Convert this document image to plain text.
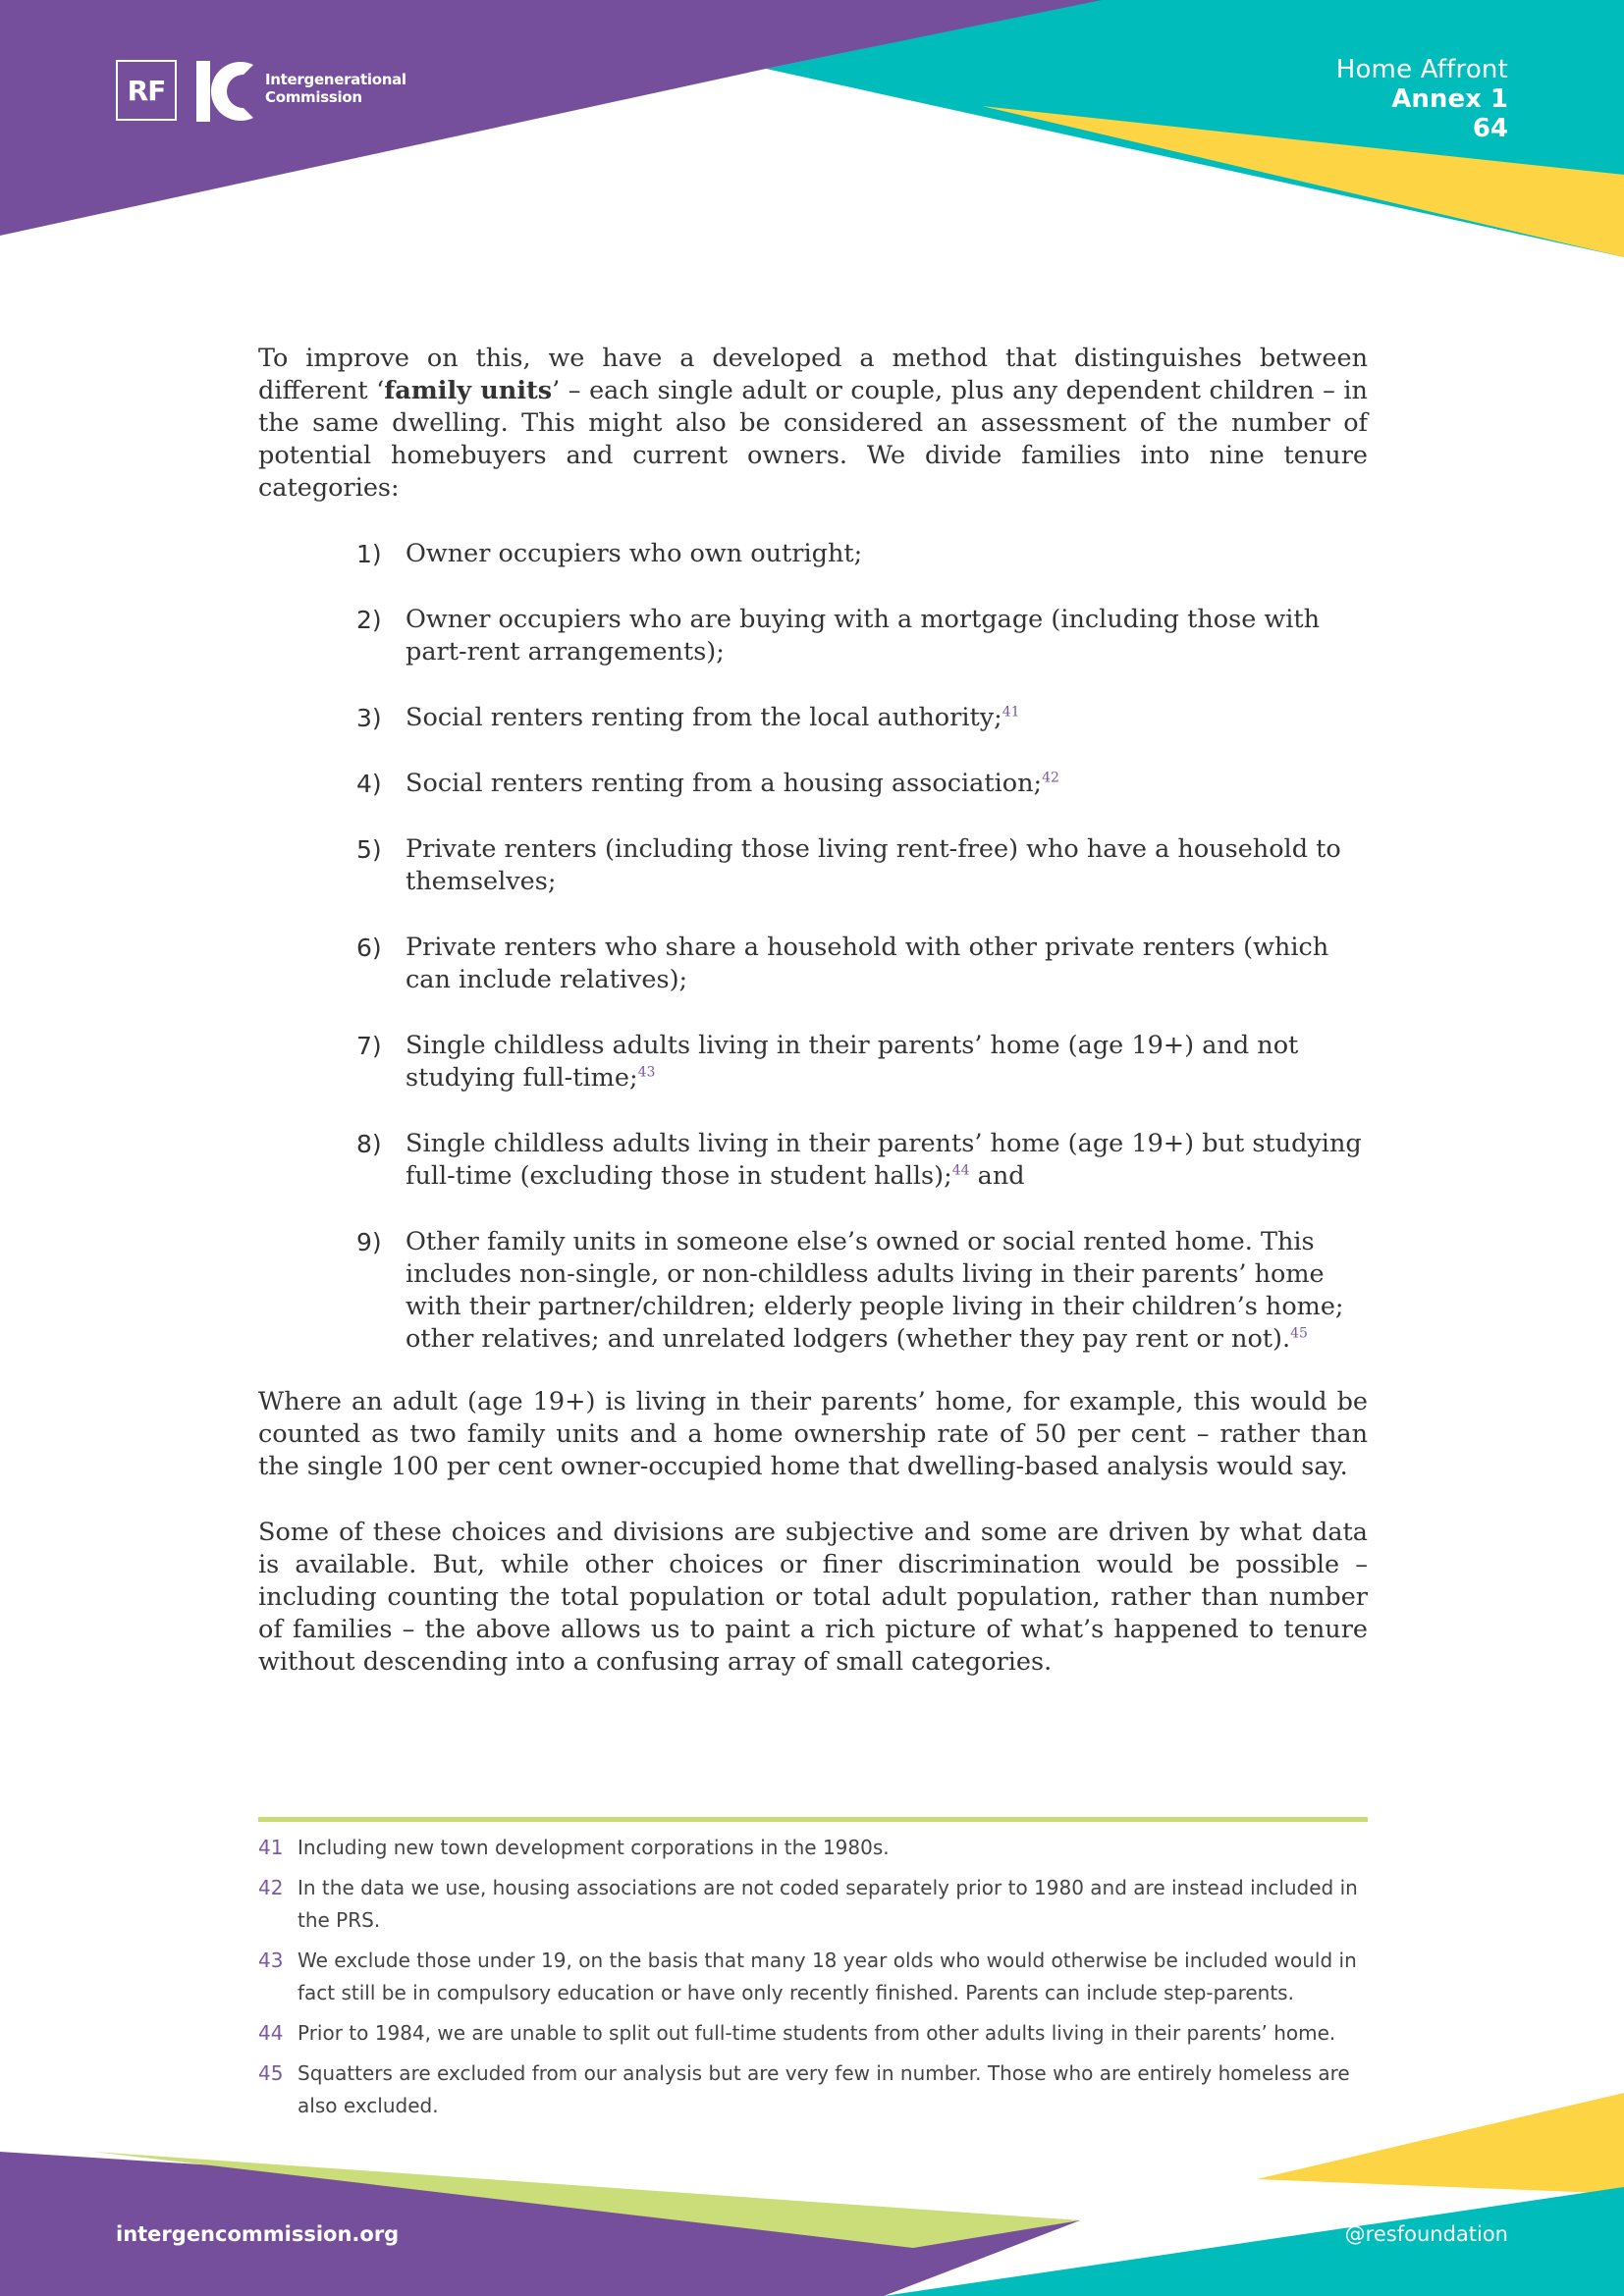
RF	Intergenerational
Commission
Home Affront
Annex 1
64

To improve on this, we have a developed a method that distinguishes between different ‘family units’ – each single adult or couple, plus any dependent children – in the same dwelling. This might also be considered an assessment of the number of potential homebuyers and current owners. We divide families into nine tenure categories:

1) Owner occupiers who own outright;
2) Owner occupiers who are buying with a mortgage (including those with part-rent arrangements);
3) Social renters renting from the local authority;$^{41}$
4) Social renters renting from a housing association;$^{42}$
5) Private renters (including those living rent-free) who have a household to themselves;
6) Private renters who share a household with other private renters (which can include relatives);
7) Single childless adults living in their parents’ home (age 19+) and not studying full-time;$^{43}$
8) Single childless adults living in their parents’ home (age 19+) but studying full-time (excluding those in student halls);$^{44}$ and
9) Other family units in someone else’s owned or social rented home. This includes non-single, or non-childless adults living in their parents’ home with their partner/children; elderly people living in their children’s home; other relatives; and unrelated lodgers (whether they pay rent or not).$^{45}$

Where an adult (age 19+) is living in their parents’ home, for example, this would be counted as two family units and a home ownership rate of 50 per cent – rather than the single 100 per cent owner-occupied home that dwelling-based analysis would say.

Some of these choices and divisions are subjective and some are driven by what data is available. But, while other choices or finer discrimination would be possible – including counting the total population or total adult population, rather than number of families – the above allows us to paint a rich picture of what’s happened to tenure without descending into a confusing array of small categories.

41 Including new town development corporations in the 1980s.
42 In the data we use, housing associations are not coded separately prior to 1980 and are instead included in the PRS.
43 We exclude those under 19, on the basis that many 18 year olds who would otherwise be included would in fact still be in compulsory education or have only recently finished. Parents can include step-parents.
44 Prior to 1984, we are unable to split out full-time students from other adults living in their parents’ home.
45 Squatters are excluded from our analysis but are very few in number. Those who are entirely homeless are also excluded.
intergencommission.org	@resfoundation
